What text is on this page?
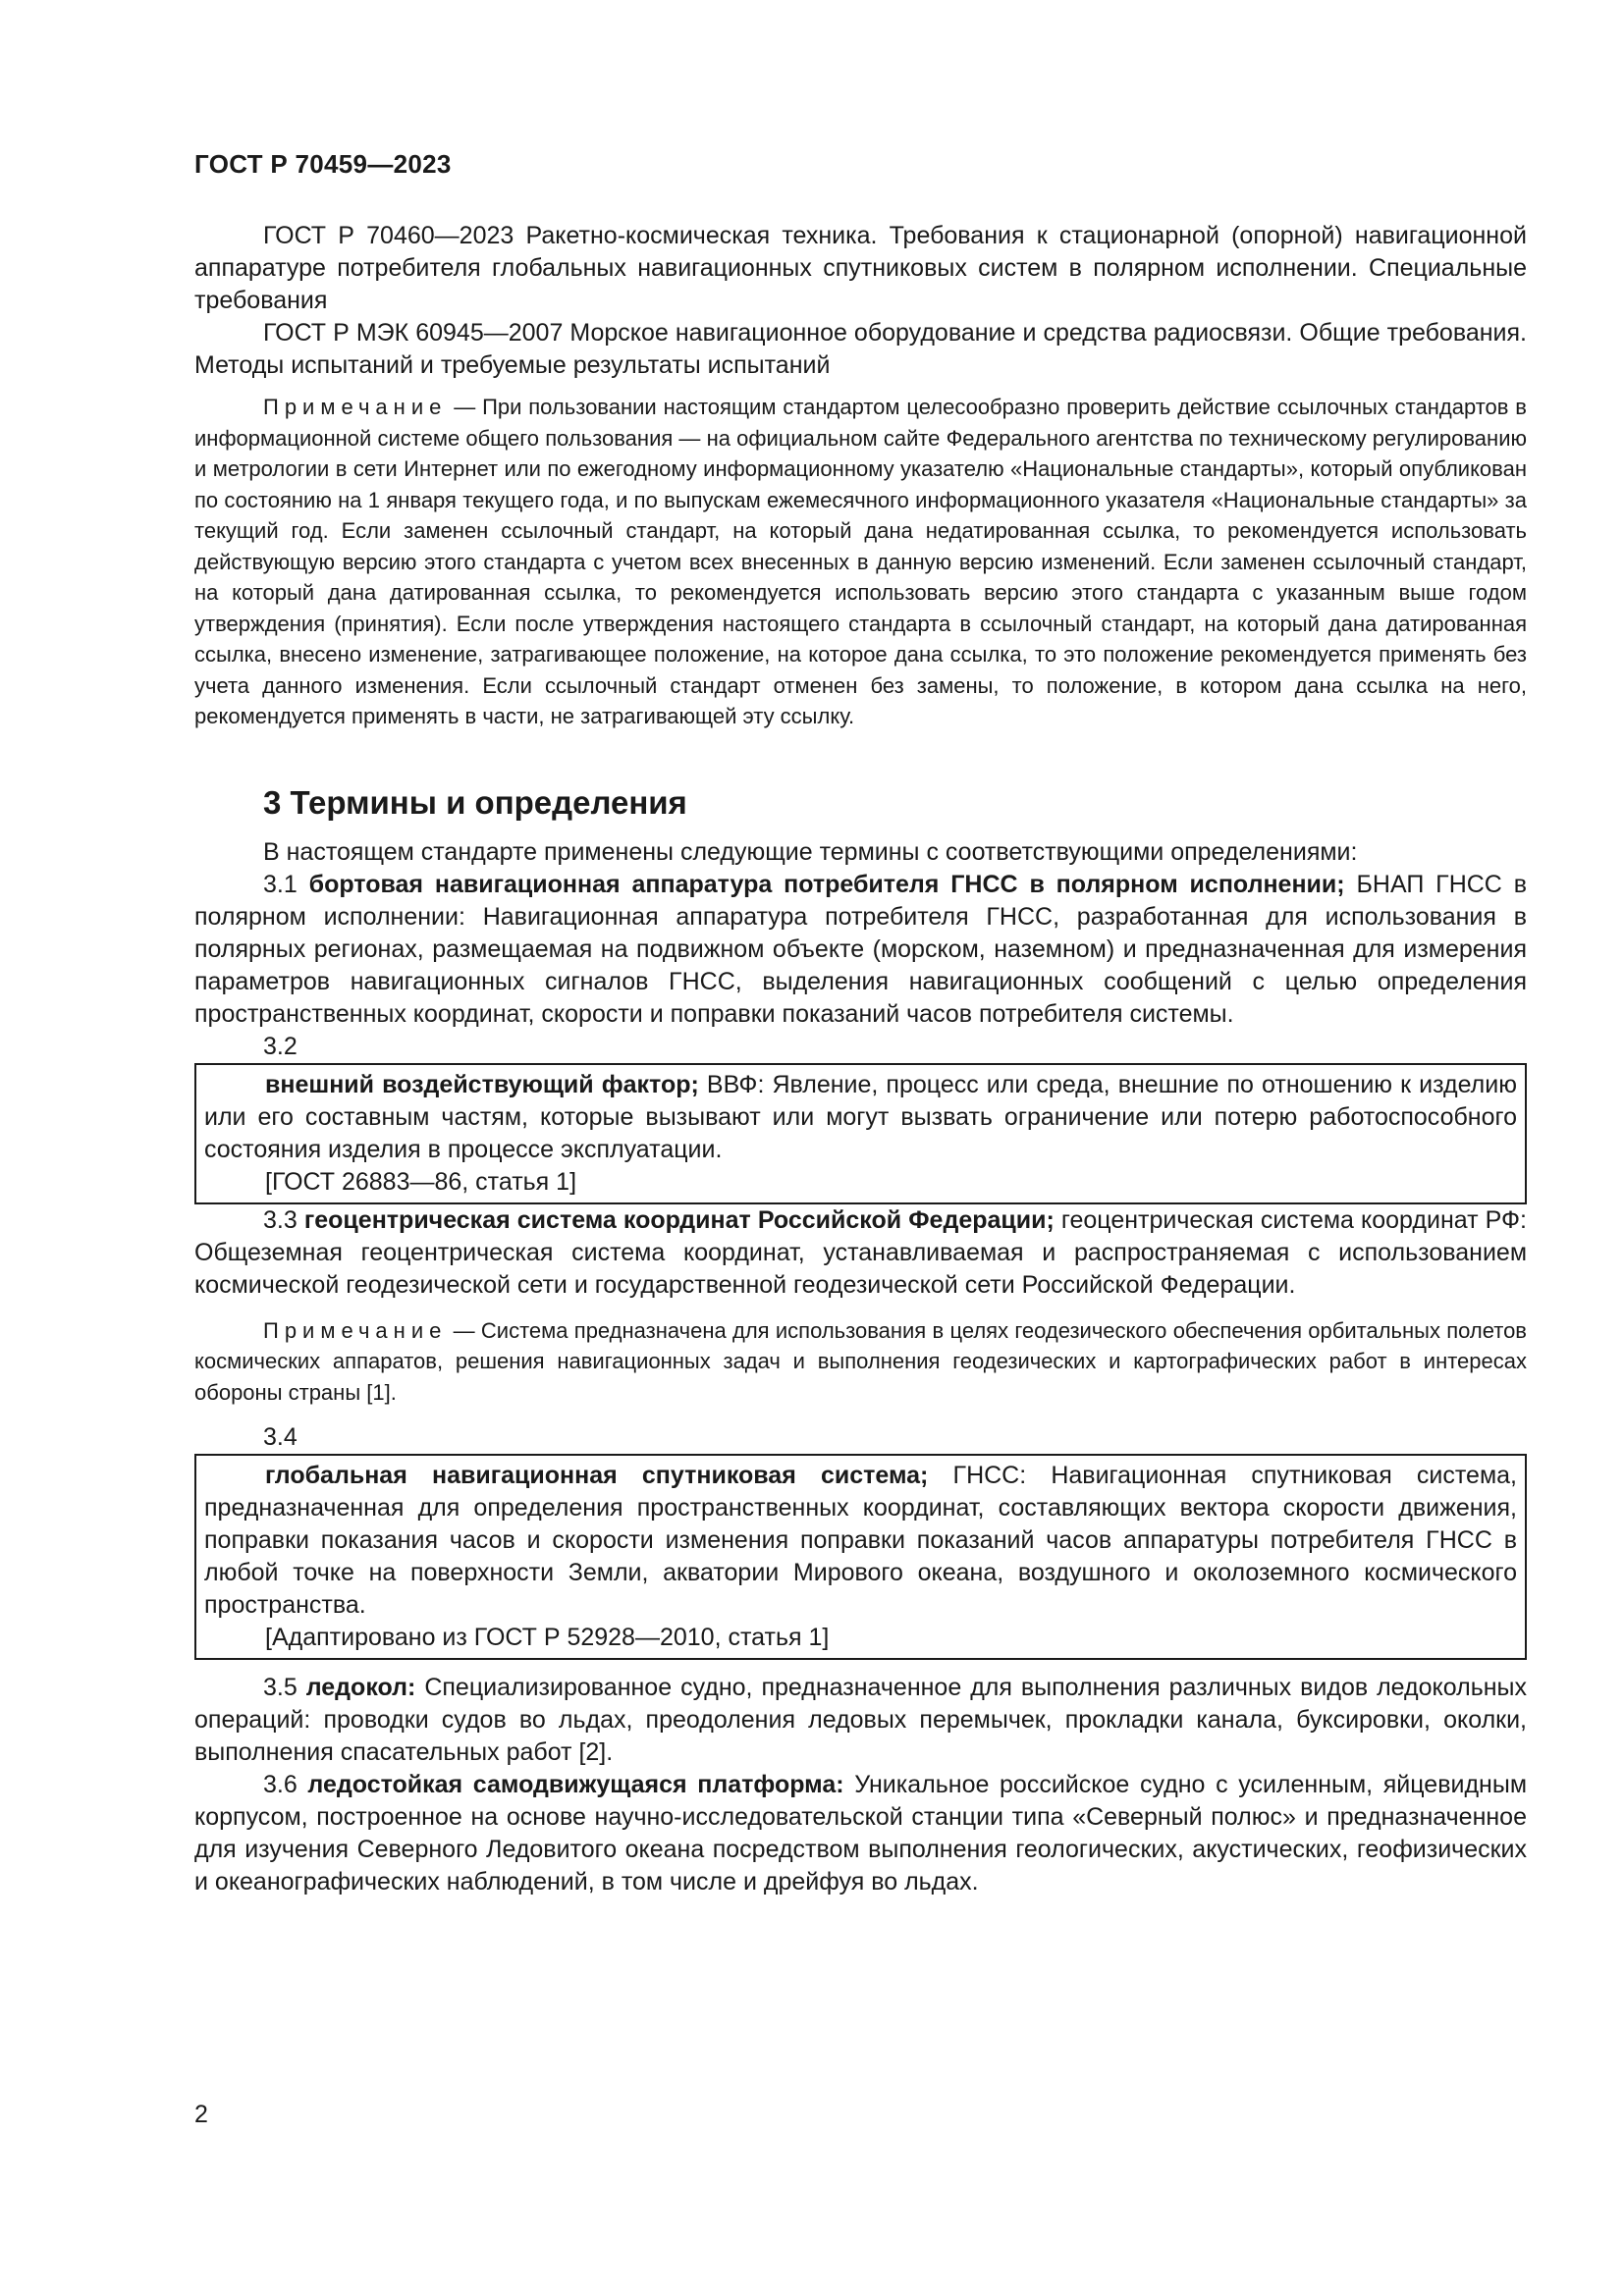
ГОСТ Р 70459—2023

ГОСТ Р 70460—2023 Ракетно-космическая техника. Требования к стационарной (опорной) навигационной аппаратуре потребителя глобальных навигационных спутниковых систем в полярном исполнении. Специальные требования

ГОСТ Р МЭК 60945—2007 Морское навигационное оборудование и средства радиосвязи. Общие требования. Методы испытаний и требуемые результаты испытаний

Примечание — При пользовании настоящим стандартом целесообразно проверить действие ссылочных стандартов в информационной системе общего пользования — на официальном сайте Федерального агентства по техническому регулированию и метрологии в сети Интернет или по ежегодному информационному указателю «Национальные стандарты», который опубликован по состоянию на 1 января текущего года, и по выпускам ежемесячного информационного указателя «Национальные стандарты» за текущий год. Если заменен ссылочный стандарт, на который дана недатированная ссылка, то рекомендуется использовать действующую версию этого стандарта с учетом всех внесенных в данную версию изменений. Если заменен ссылочный стандарт, на который дана датированная ссылка, то рекомендуется использовать версию этого стандарта с указанным выше годом утверждения (принятия). Если после утверждения настоящего стандарта в ссылочный стандарт, на который дана датированная ссылка, внесено изменение, затрагивающее положение, на которое дана ссылка, то это положение рекомендуется применять без учета данного изменения. Если ссылочный стандарт отменен без замены, то положение, в котором дана ссылка на него, рекомендуется применять в части, не затрагивающей эту ссылку.

3 Термины и определения

В настоящем стандарте применены следующие термины с соответствующими определениями:

3.1 бортовая навигационная аппаратура потребителя ГНСС в полярном исполнении; БНАП ГНСС в полярном исполнении: Навигационная аппаратура потребителя ГНСС, разработанная для использования в полярных регионах, размещаемая на подвижном объекте (морском, наземном) и предназначенная для измерения параметров навигационных сигналов ГНСС, выделения навигационных сообщений с целью определения пространственных координат, скорости и поправки показаний часов потребителя системы.

3.2

внешний воздействующий фактор; ВВФ: Явление, процесс или среда, внешние по отношению к изделию или его составным частям, которые вызывают или могут вызвать ограничение или потерю работоспособного состояния изделия в процессе эксплуатации.

[ГОСТ 26883—86, статья 1]

3.3 геоцентрическая система координат Российской Федерации; геоцентрическая система координат РФ: Общеземная геоцентрическая система координат, устанавливаемая и распространяемая с использованием космической геодезической сети и государственной геодезической сети Российской Федерации.

Примечание — Система предназначена для использования в целях геодезического обеспечения орбитальных полетов космических аппаратов, решения навигационных задач и выполнения геодезических и картографических работ в интересах обороны страны [1].

3.4

глобальная навигационная спутниковая система; ГНСС: Навигационная спутниковая система, предназначенная для определения пространственных координат, составляющих вектора скорости движения, поправки показания часов и скорости изменения поправки показаний часов аппаратуры потребителя ГНСС в любой точке на поверхности Земли, акватории Мирового океана, воздушного и околоземного космического пространства.

[Адаптировано из ГОСТ Р 52928—2010, статья 1]

3.5 ледокол: Специализированное судно, предназначенное для выполнения различных видов ледокольных операций: проводки судов во льдах, преодоления ледовых перемычек, прокладки канала, буксировки, околки, выполнения спасательных работ [2].

3.6 ледостойкая самодвижущаяся платформа: Уникальное российское судно с усиленным, яйцевидным корпусом, построенное на основе научно-исследовательской станции типа «Северный полюс» и предназначенное для изучения Северного Ледовитого океана посредством выполнения геологических, акустических, геофизических и океанографических наблюдений, в том числе и дрейфуя во льдах.

2
